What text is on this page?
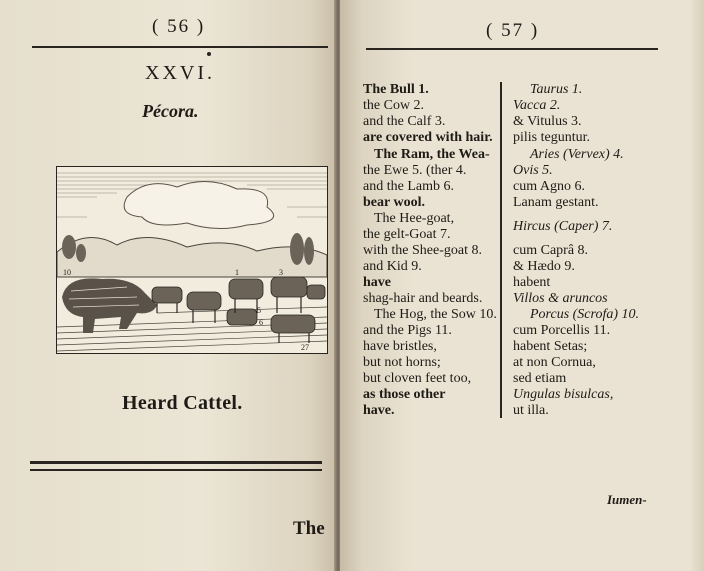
( 56 )
XXVI.
Pécora.
10	1	3
5
6
27
Heard Cattel.
The
( 57 )
The Bull 1.
the Cow 2.
and the Calf 3.
are covered with hair.
The Ram, the Wea-
the Ewe 5. (ther 4.
and the Lamb 6.
bear wool.
The Hee-goat,
the gelt-Goat 7.
with the Shee-goat 8.
and Kid 9.
have
shag-hair and beards.
The Hog, the Sow 10.
and the Pigs 11.
have bristles,
but not horns;
but cloven feet too,
as those other
have.
Taurus 1.
Vacca 2.
& Vitulus 3.
pilis teguntur.
Aries (Vervex) 4.
Ovis 5.
cum Agno 6.
Lanam gestant.
Hircus (Caper) 7.
cum Caprâ 8.
& Hædo 9.
habent
Villos & aruncos
Porcus (Scrofa) 10.
cum Porcellis 11.
habent Setas;
at non Cornua,
sed etiam
Ungulas bisulcas,
ut illa.
Iumen-
